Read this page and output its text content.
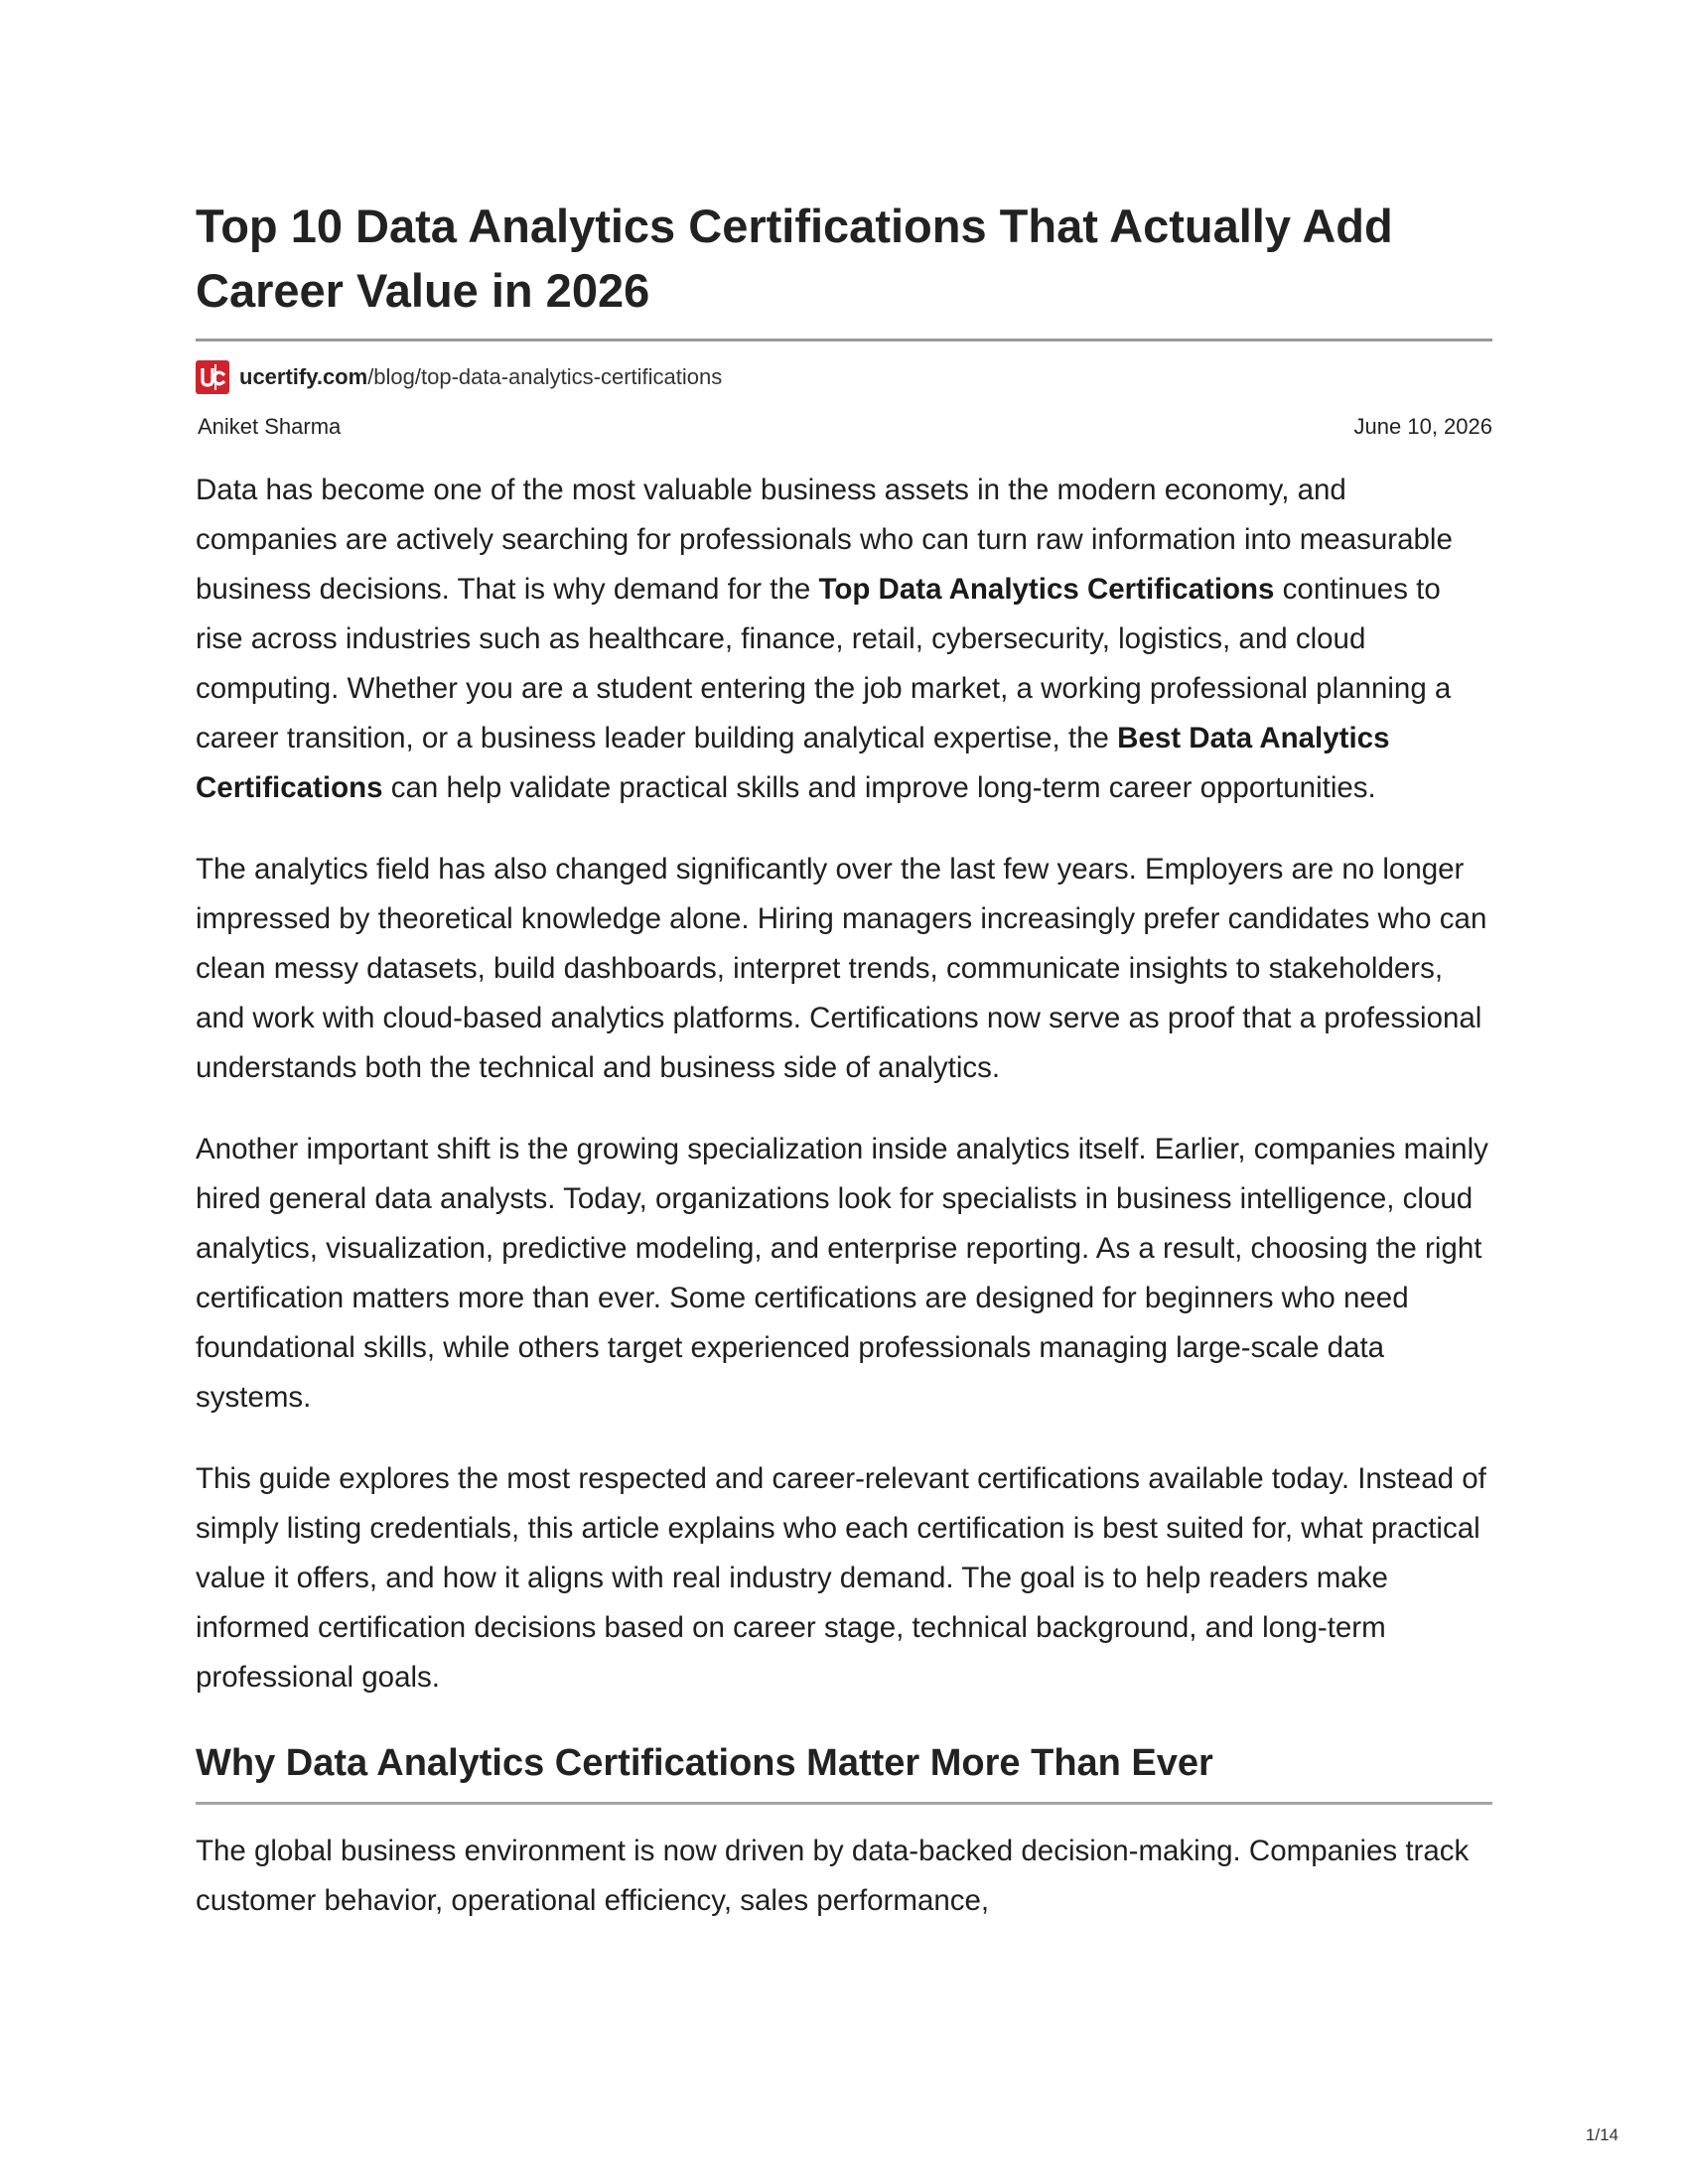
Top 10 Data Analytics Certifications That Actually Add Career Value in 2026
ucertify.com/blog/top-data-analytics-certifications
Aniket Sharma	June 10, 2026

Data has become one of the most valuable business assets in the modern economy, and companies are actively searching for professionals who can turn raw information into measurable business decisions. That is why demand for the Top Data Analytics Certifications continues to rise across industries such as healthcare, finance, retail, cybersecurity, logistics, and cloud computing. Whether you are a student entering the job market, a working professional planning a career transition, or a business leader building analytical expertise, the Best Data Analytics Certifications can help validate practical skills and improve long-term career opportunities.

The analytics field has also changed significantly over the last few years. Employers are no longer impressed by theoretical knowledge alone. Hiring managers increasingly prefer candidates who can clean messy datasets, build dashboards, interpret trends, communicate insights to stakeholders, and work with cloud-based analytics platforms. Certifications now serve as proof that a professional understands both the technical and business side of analytics.

Another important shift is the growing specialization inside analytics itself. Earlier, companies mainly hired general data analysts. Today, organizations look for specialists in business intelligence, cloud analytics, visualization, predictive modeling, and enterprise reporting. As a result, choosing the right certification matters more than ever. Some certifications are designed for beginners who need foundational skills, while others target experienced professionals managing large-scale data systems.

This guide explores the most respected and career-relevant certifications available today. Instead of simply listing credentials, this article explains who each certification is best suited for, what practical value it offers, and how it aligns with real industry demand. The goal is to help readers make informed certification decisions based on career stage, technical background, and long-term professional goals.

Why Data Analytics Certifications Matter More Than Ever

The global business environment is now driven by data-backed decision-making. Companies track customer behavior, operational efficiency, sales performance,

1/14
